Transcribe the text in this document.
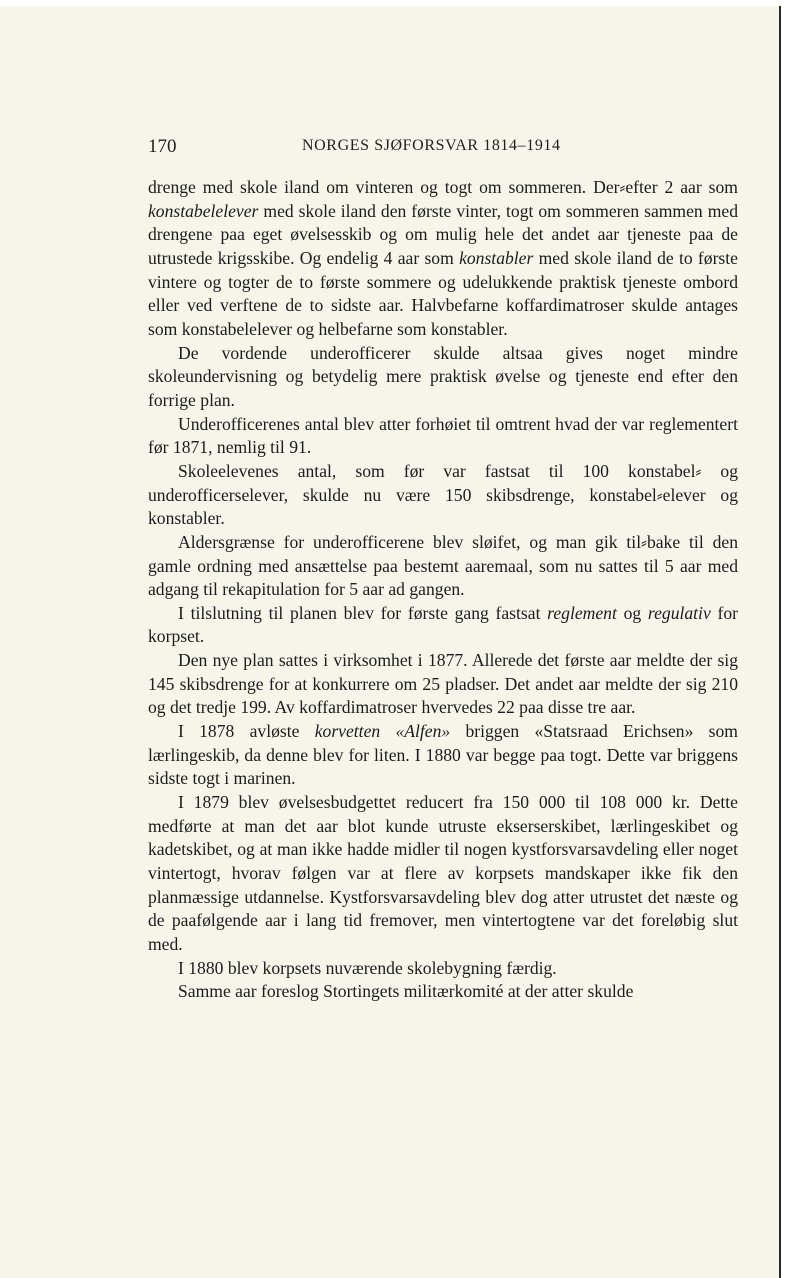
170	NORGES SJØFORSVAR 1814–1914

drenge med skole iland om vinteren og togt om sommeren. Der⸗efter 2 aar som konstabelelever med skole iland den første vinter, togt om sommeren sammen med drengene paa eget øvelsesskib og om mulig hele det andet aar tjeneste paa de utrustede krigsskibe. Og endelig 4 aar som konstabler med skole iland de to første vintere og togter de to første sommere og udelukkende praktisk tjeneste ombord eller ved verftene de to sidste aar. Halvbefarne koffardimatroser skulde antages som konstabelelever og helbefarne som konstabler.

De vordende underofficerer skulde altsaa gives noget mindre skoleundervisning og betydelig mere praktisk øvelse og tjeneste end efter den forrige plan.

Underofficerenes antal blev atter forhøiet til omtrent hvad der var reglementert før 1871, nemlig til 91.

Skoleelevenes antal, som før var fastsat til 100 konstabel⸗ og underofficerselever, skulde nu være 150 skibsdrenge, konstabel⸗elever og konstabler.

Aldersgrænse for underofficerene blev sløifet, og man gik til⸗bake til den gamle ordning med ansættelse paa bestemt aaremaal, som nu sattes til 5 aar med adgang til rekapitulation for 5 aar ad gangen.

I tilslutning til planen blev for første gang fastsat reglement og regulativ for korpset.

Den nye plan sattes i virksomhet i 1877. Allerede det første aar meldte der sig 145 skibsdrenge for at konkurrere om 25 pladser. Det andet aar meldte der sig 210 og det tredje 199. Av koffardimatroser hvervedes 22 paa disse tre aar.

I 1878 avløste korvetten «Alfen» briggen «Statsraad Erichsen» som lærlingeskib, da denne blev for liten. I 1880 var begge paa togt. Dette var briggens sidste togt i marinen.

I 1879 blev øvelsesbudgettet reducert fra 150 000 til 108 000 kr. Dette medførte at man det aar blot kunde utruste ekserserskibet, lærlingeskibet og kadetskibet, og at man ikke hadde midler til nogen kystforsvarsavdeling eller noget vintertogt, hvorav følgen var at flere av korpsets mandskaper ikke fik den planmæssige utdannelse. Kystforsvarsavdeling blev dog atter utrustet det næste og de paafølgende aar i lang tid fremover, men vintertogtene var det foreløbig slut med.

I 1880 blev korpsets nuværende skolebygning færdig.

Samme aar foreslog Stortingets militærkomité at der atter skulde
